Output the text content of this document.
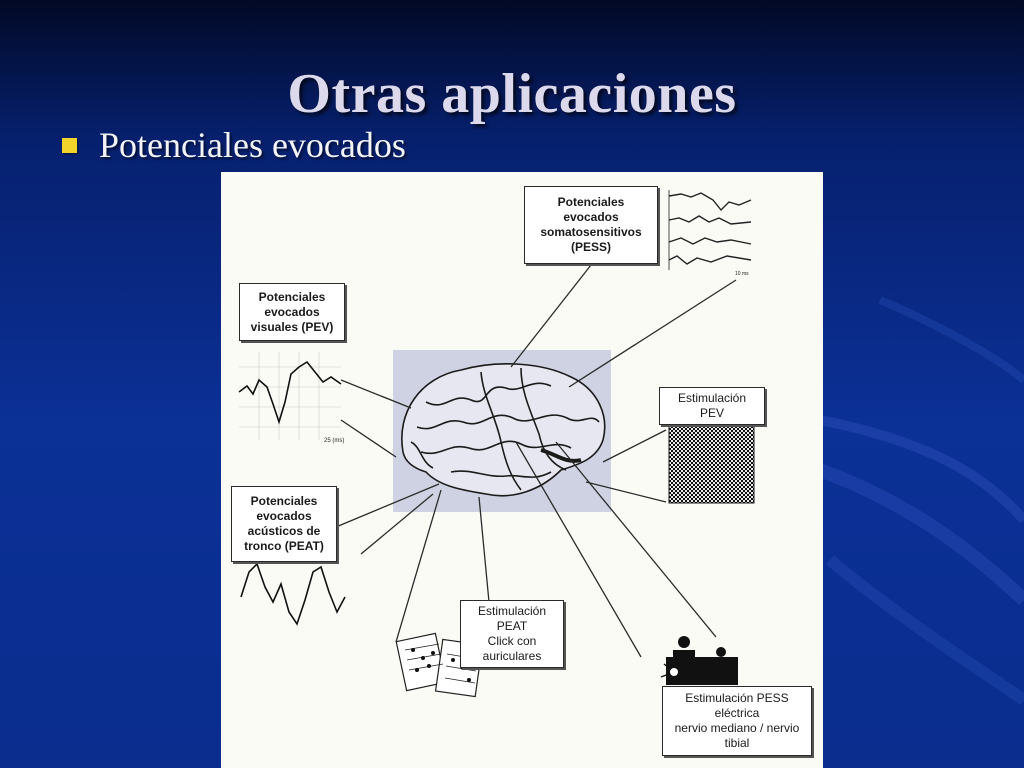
Otras aplicaciones
Potenciales evocados
10 ms
25 (ms)
Potenciales
evocados
somatosensitivos
(PESS)
Potenciales
evocados
visuales (PEV)
Potenciales
evocados
acústicos de
tronco (PEAT)
Estimulación
PEV
Estimulación
PEAT
Click con
auriculares
Estimulación PESS
eléctrica
nervio mediano / nervio
tibial
